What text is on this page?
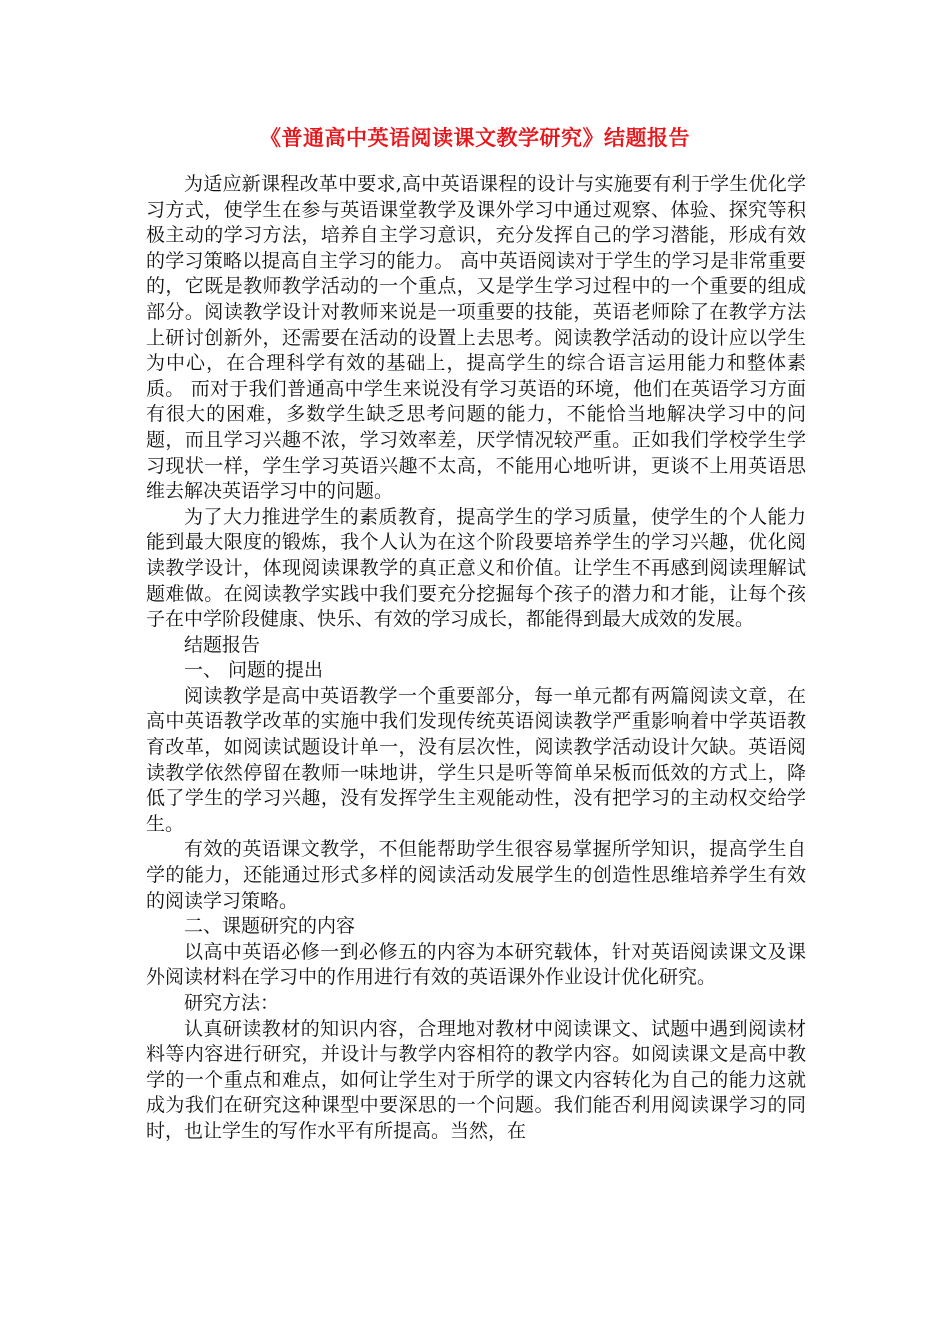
《普通高中英语阅读课文教学研究》结题报告

为适应新课程改革中要求,高中英语课程的设计与实施要有利于学生优化学习方式，使学生在参与英语课堂教学及课外学习中通过观察、体验、探究等积极主动的学习方法，培养自主学习意识，充分发挥自己的学习潜能，形成有效的学习策略以提高自主学习的能力。 高中英语阅读对于学生的学习是非常重要的，它既是教师教学活动的一个重点，又是学生学习过程中的一个重要的组成部分。阅读教学设计对教师来说是一项重要的技能，英语老师除了在教学方法上研讨创新外，还需要在活动的设置上去思考。阅读教学活动的设计应以学生为中心，在合理科学有效的基础上，提高学生的综合语言运用能力和整体素质。 而对于我们普通高中学生来说没有学习英语的环境，他们在英语学习方面有很大的困难，多数学生缺乏思考问题的能力，不能恰当地解决学习中的问题，而且学习兴趣不浓，学习效率差，厌学情况较严重。正如我们学校学生学习现状一样，学生学习英语兴趣不太高，不能用心地听讲，更谈不上用英语思维去解决英语学习中的问题。

为了大力推进学生的素质教育，提高学生的学习质量，使学生的个人能力能到最大限度的锻炼，我个人认为在这个阶段要培养学生的学习兴趣，优化阅读教学设计，体现阅读课教学的真正意义和价值。让学生不再感到阅读理解试题难做。在阅读教学实践中我们要充分挖掘每个孩子的潜力和才能，让每个孩子在中学阶段健康、快乐、有效的学习成长，都能得到最大成效的发展。

结题报告

一、 问题的提出

阅读教学是高中英语教学一个重要部分，每一单元都有两篇阅读文章，在高中英语教学改革的实施中我们发现传统英语阅读教学严重影响着中学英语教育改革，如阅读试题设计单一，没有层次性，阅读教学活动设计欠缺。英语阅读教学依然停留在教师一味地讲，学生只是听等简单呆板而低效的方式上，降低了学生的学习兴趣，没有发挥学生主观能动性，没有把学习的主动权交给学生。

有效的英语课文教学，不但能帮助学生很容易掌握所学知识，提高学生自学的能力，还能通过形式多样的阅读活动发展学生的创造性思维培养学生有效的阅读学习策略。

二、课题研究的内容

以高中英语必修一到必修五的内容为本研究载体，针对英语阅读课文及课外阅读材料在学习中的作用进行有效的英语课外作业设计优化研究。

研究方法：

认真研读教材的知识内容，合理地对教材中阅读课文、试题中遇到阅读材料等内容进行研究，并设计与教学内容相符的教学内容。如阅读课文是高中教学的一个重点和难点，如何让学生对于所学的课文内容转化为自己的能力这就成为我们在研究这种课型中要深思的一个问题。我们能否利用阅读课学习的同时，也让学生的写作水平有所提高。当然，在
